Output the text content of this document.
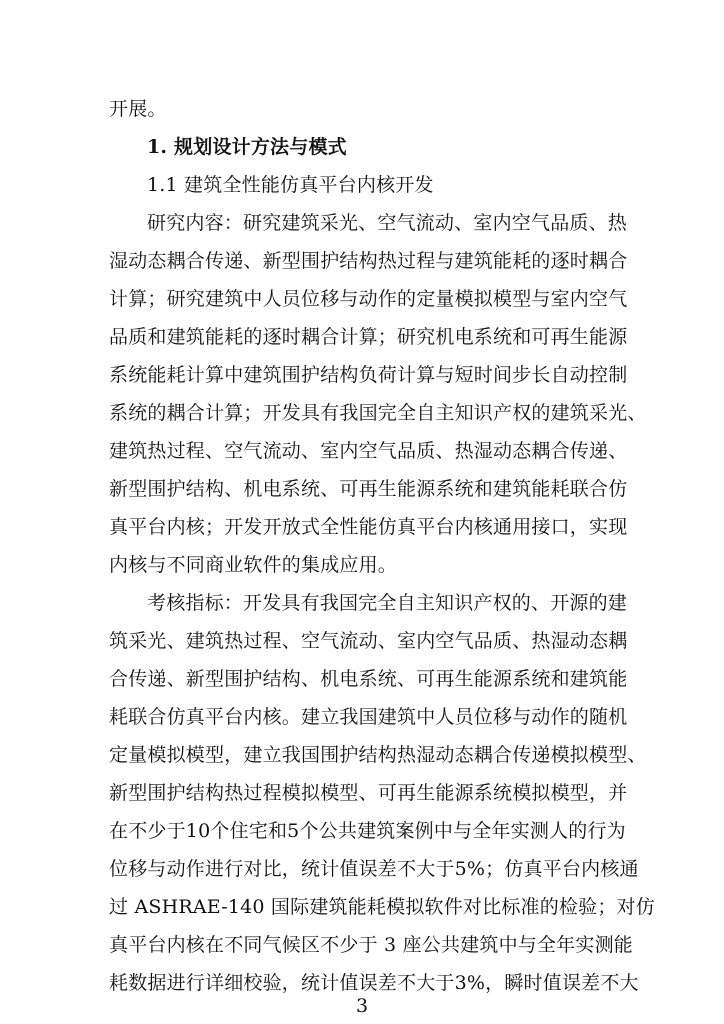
开展。
1. 规划设计方法与模式
1.1 建筑全性能仿真平台内核开发
研究内容：研究建筑采光、空气流动、室内空气品质、热
湿动态耦合传递、新型围护结构热过程与建筑能耗的逐时耦合
计算；研究建筑中人员位移与动作的定量模拟模型与室内空气
品质和建筑能耗的逐时耦合计算；研究机电系统和可再生能源
系统能耗计算中建筑围护结构负荷计算与短时间步长自动控制
系统的耦合计算；开发具有我国完全自主知识产权的建筑采光、
建筑热过程、空气流动、室内空气品质、热湿动态耦合传递、
新型围护结构、机电系统、可再生能源系统和建筑能耗联合仿
真平台内核；开发开放式全性能仿真平台内核通用接口，实现
内核与不同商业软件的集成应用。
考核指标：开发具有我国完全自主知识产权的、开源的建
筑采光、建筑热过程、空气流动、室内空气品质、热湿动态耦
合传递、新型围护结构、机电系统、可再生能源系统和建筑能
耗联合仿真平台内核。建立我国建筑中人员位移与动作的随机
定量模拟模型，建立我国围护结构热湿动态耦合传递模拟模型、
新型围护结构热过程模拟模型、可再生能源系统模拟模型，并
在不少于10个住宅和5个公共建筑案例中与全年实测人的行为
位移与动作进行对比，统计值误差不大于5%；仿真平台内核通
过 ASHRAE-140 国际建筑能耗模拟软件对比标准的检验；对仿
真平台内核在不同气候区不少于 3 座公共建筑中与全年实测能
耗数据进行详细校验，统计值误差不大于3%，瞬时值误差不大
3
